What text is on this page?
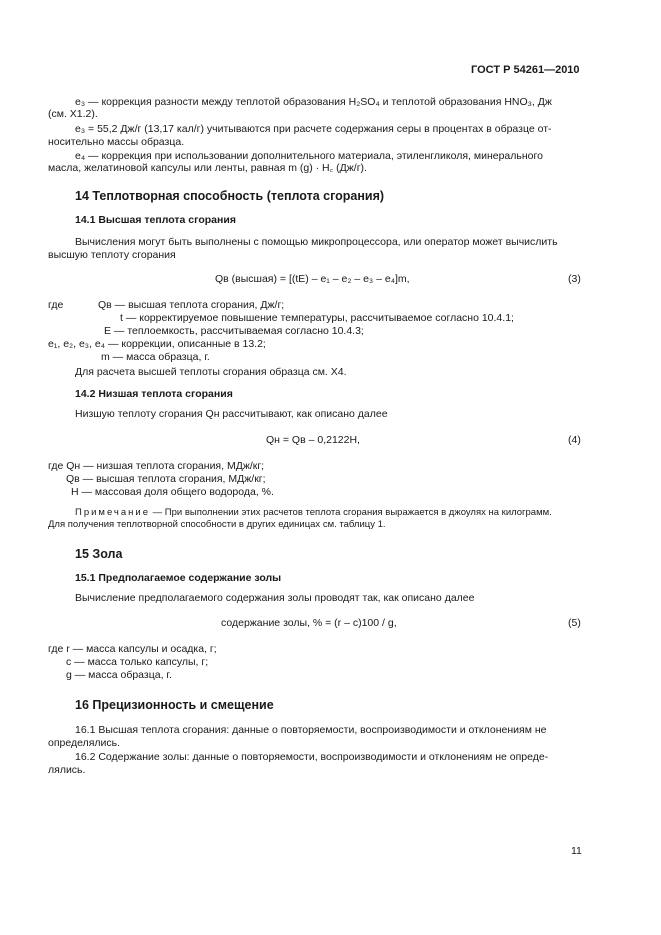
ГОСТ Р 54261—2010
e₃ — коррекция разности между теплотой образования H₂SO₄ и теплотой образования HNO₃, Дж
(см. X1.2).
e₃ = 55,2 Дж/г (13,17 кал/г) учитываются при расчете содержания серы в процентах в образце от-
носительно массы образца.
e₄ — коррекция при использовании дополнительного материала, этиленгликоля, минерального
масла, желатиновой капсулы или ленты, равная m (g) · H꜀ (Дж/г).
14 Теплотворная способность (теплота сгорания)
14.1 Высшая теплота сгорания
Вычисления могут быть выполнены с помощью микропроцессора, или оператор может вычислить
высшую теплоту сгорания
Qв (высшая) = [(tE) – e₁ – e₂ – e₃ – e₄]m,	(3)
где	Qв — высшая теплота сгорания, Дж/г;
t — корректируемое повышение температуры, рассчитываемое согласно 10.4.1;
E — теплоемкость, рассчитываемая согласно 10.4.3;
e₁, e₂, e₃, e₄ — коррекции, описанные в 13.2;
m — масса образца, г.
Для расчета высшей теплоты сгорания образца см. X4.
14.2 Низшая теплота сгорания
Низшую теплоту сгорания Qн рассчитывают, как описано далее
Qн = Qв – 0,2122H,	(4)
где Qн — низшая теплота сгорания, МДж/кг;
Qв — высшая теплота сгорания, МДж/кг;
H — массовая доля общего водорода, %.
Примечание — При выполнении этих расчетов теплота сгорания выражается в джоулях на килограмм.
Для получения теплотворной способности в других единицах см. таблицу 1.
15 Зола
15.1 Предполагаемое содержание золы
Вычисление предполагаемого содержания золы проводят так, как описано далее
содержание золы, % = (r – c)100 / g,	(5)
где r — масса капсулы и осадка, г;
c — масса только капсулы, г;
g — масса образца, г.
16 Прецизионность и смещение
16.1 Высшая теплота сгорания: данные о повторяемости, воспроизводимости и отклонениям не
определялись.
16.2 Содержание золы: данные о повторяемости, воспроизводимости и отклонениям не опреде-
лялись.
11
